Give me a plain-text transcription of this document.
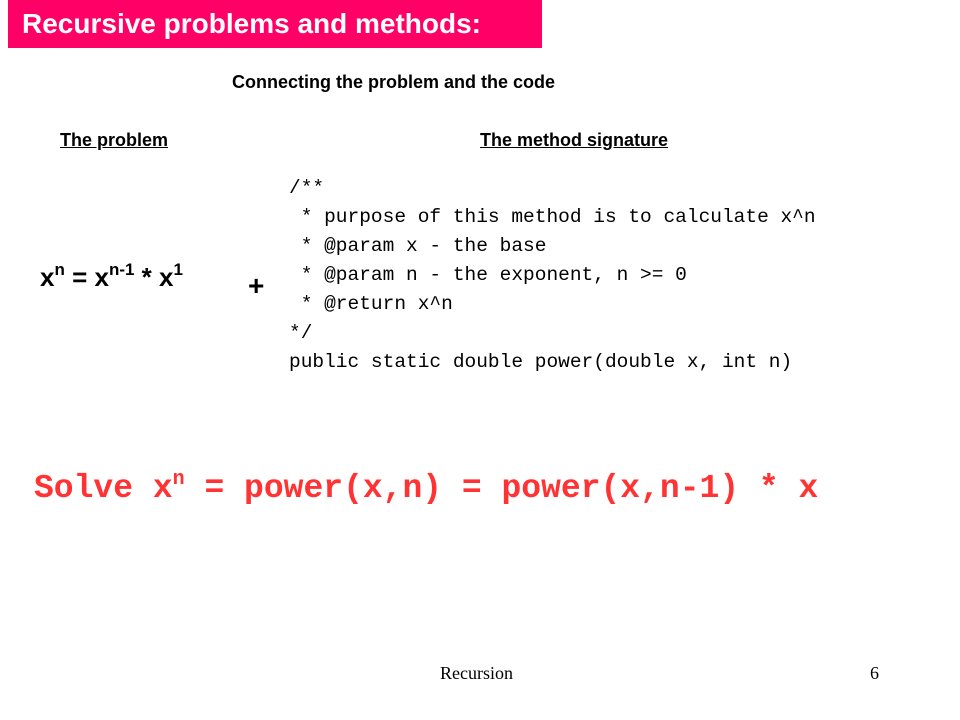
Recursive problems and methods:
Connecting the problem and the code
The problem	The method signature
$x^n = x^{n-1} * x^1$
+
/**
* purpose of this method is to calculate x^n
* @param x - the base
* @param n - the exponent, n >= 0
* @return x^n
*/
public static double power(double x, int n)
Solve $x^n$ = power(x,n) = power(x,n-1) * x
Recursion	6
